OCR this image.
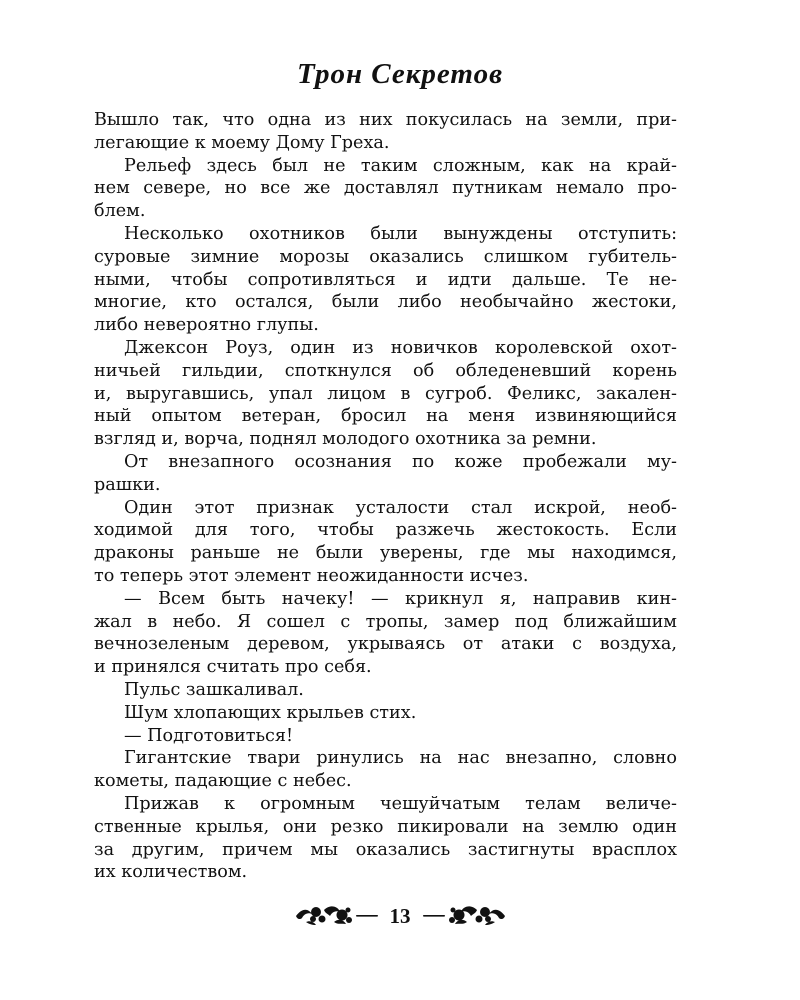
Трон Секретов
Вышло так, что одна из них покусилась на земли, при-
легающие к моему Дому Греха.
Рельеф здесь был не таким сложным, как на край-
нем севере, но все же доставлял путникам немало про-
блем.
Несколько охотников были вынуждены отступить:
суровые зимние морозы оказались слишком губитель-
ными, чтобы сопротивляться и идти дальше. Те не-
многие, кто остался, были либо необычайно жестоки,
либо невероятно глупы.
Джексон Роуз, один из новичков королевской охот-
ничьей гильдии, споткнулся об обледеневший корень
и, выругавшись, упал лицом в сугроб. Феликс, закален-
ный опытом ветеран, бросил на меня извиняющийся
взгляд и, ворча, поднял молодого охотника за ремни.
От внезапного осознания по коже пробежали му-
рашки.
Один этот признак усталости стал искрой, необ-
ходимой для того, чтобы разжечь жестокость. Если
драконы раньше не были уверены, где мы находимся,
то теперь этот элемент неожиданности исчез.
— Всем быть начеку! — крикнул я, направив кин-
жал в небо. Я сошел с тропы, замер под ближайшим
вечнозеленым деревом, укрываясь от атаки с воздуха,
и принялся считать про себя.
Пульс зашкаливал.
Шум хлопающих крыльев стих.
— Подготовиться!
Гигантские твари ринулись на нас внезапно, словно
кометы, падающие с небес.
Прижав к огромным чешуйчатым телам величе-
ственные крылья, они резко пикировали на землю один
за другим, причем мы оказались застигнуты врасплох
их количеством.
13
